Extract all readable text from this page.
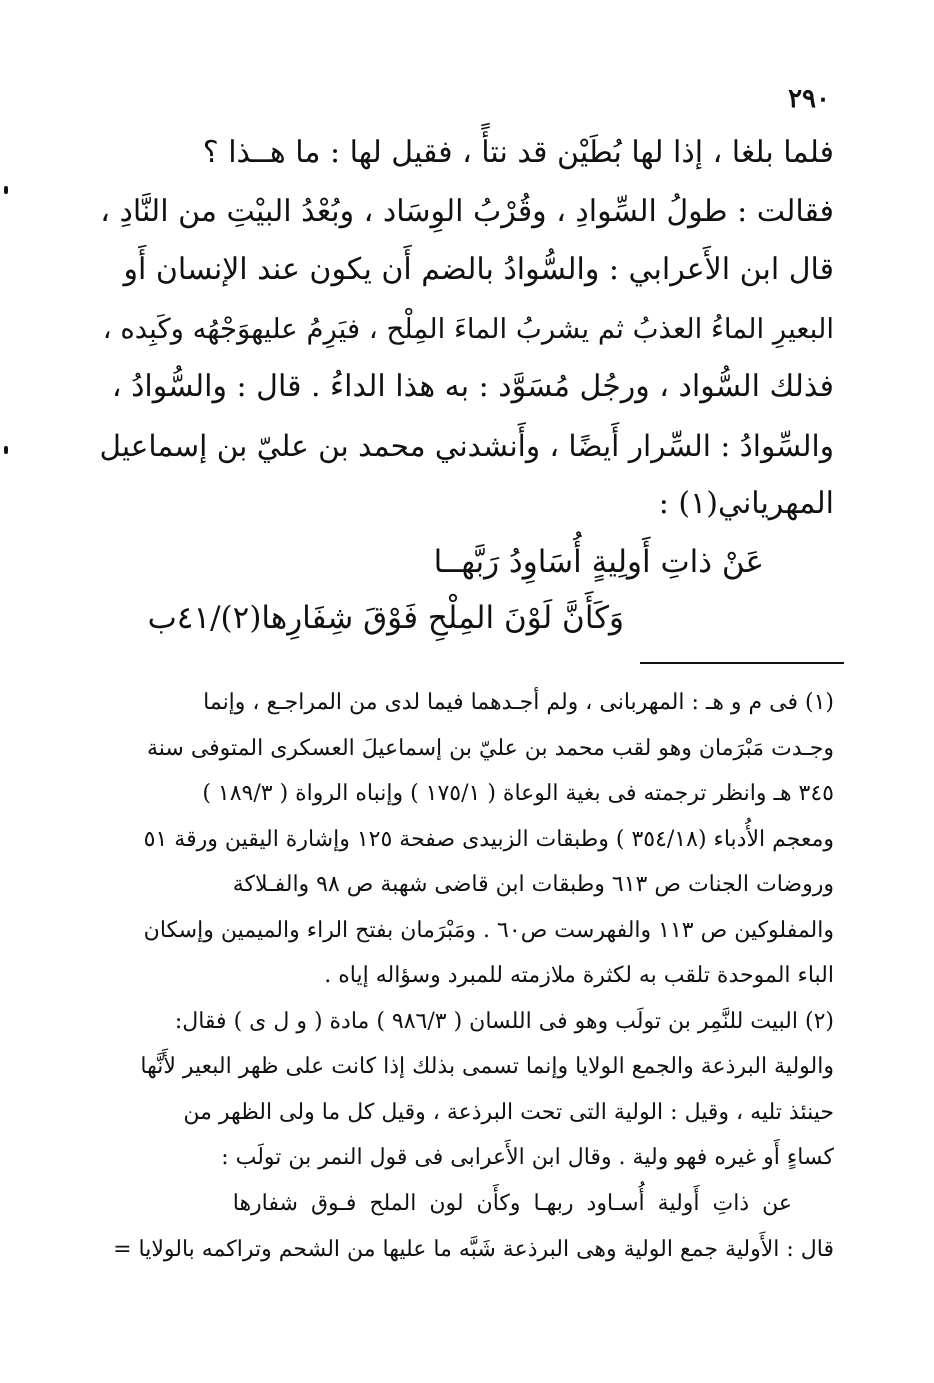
٢٩٠
فلما بلغا ، إذا لها بُطَيْن قد نتأً ، فقيل لها : ما هــذا ؟
فقالت : طولُ السِّوادِ ، وقُرْبُ الوِسَاد ، وبُعْدُ البيْتِ من النَّادِ ،
قال ابن الأَعرابي : والسُّوادُ بالضم أَن يكون عند الإنسان أَو
البعيرِ الماءُ العذبُ ثم يشربُ الماءَ المِلْح ، فيَرِمُ عليهوَجْهُه وكَبِده ،
فذلك السُّواد ، ورجُل مُسَوَّد : به هذا الداءُ . قال : والسُّوادُ ،
والسِّوادُ : السِّرار أَيضًا ، وأَنشدني محمد بن عليّ بن إسماعيل
المهرياني(١) :
عَنْ ذاتِ أَولِيةٍ أُسَاوِدُ رَبَّهــا
وَكَأَنَّ لَوْنَ المِلْحِ فَوْقَ شِفَارِها(٢)/٤١ب
(١) فى م و هـ : المهربانى ، ولم أجـدهما فيما لدى من المراجـع ، وإنما
وجـدت مَبْرَمان وهو لقب محمد بن عليّ بن إسماعيلَ العسكرى المتوفى سنة
٣٤٥ هـ وانظر ترجمته فى بغية الوعاة ( ١٧٥/١ ) وإنباه الرواة ( ١٨٩/٣ )
ومعجم الأُدباء (٣٥٤/١٨ ) وطبقات الزبيدى صفحة ١٢٥ وإشارة اليقين ورقة ٥١
وروضات الجنات ص ٦١٣ وطبقات ابن قاضى شهبة ص ٩٨ والفـلاكة
والمفلوكين ص ١١٣ والفهرست ص٦٠ . ومَبْرَمان بفتح الراء والميمين وإسكان
الباء الموحدة تلقب به لكثرة ملازمته للمبرد وسؤاله إياه .
(٢) البيت للنَّمِر بن تولَب وهو فى اللسان ( ٩٨٦/٣ ) مادة ( و ل ى ) فقال:
والولية البرذعة والجمع الولايا وإنما تسمى بذلك إذا كانت على ظهر البعير لأَنَّها
حينئذ تليه ، وقيل : الولية التى تحت البرذعة ، وقيل كل ما ولى الظهر من
كساءٍ أَو غيره فهو ولية . وقال ابن الأَعرابى فى قول النمر بن تولَب :
عن ذاتِ أَولية أُسـاود ربهـا وكأَن لون الملح فـوق شفارها
قال : الأَولية جمع الولية وهى البرذعة شَبَّه ما عليها من الشحم وتراكمه بالولايا =
